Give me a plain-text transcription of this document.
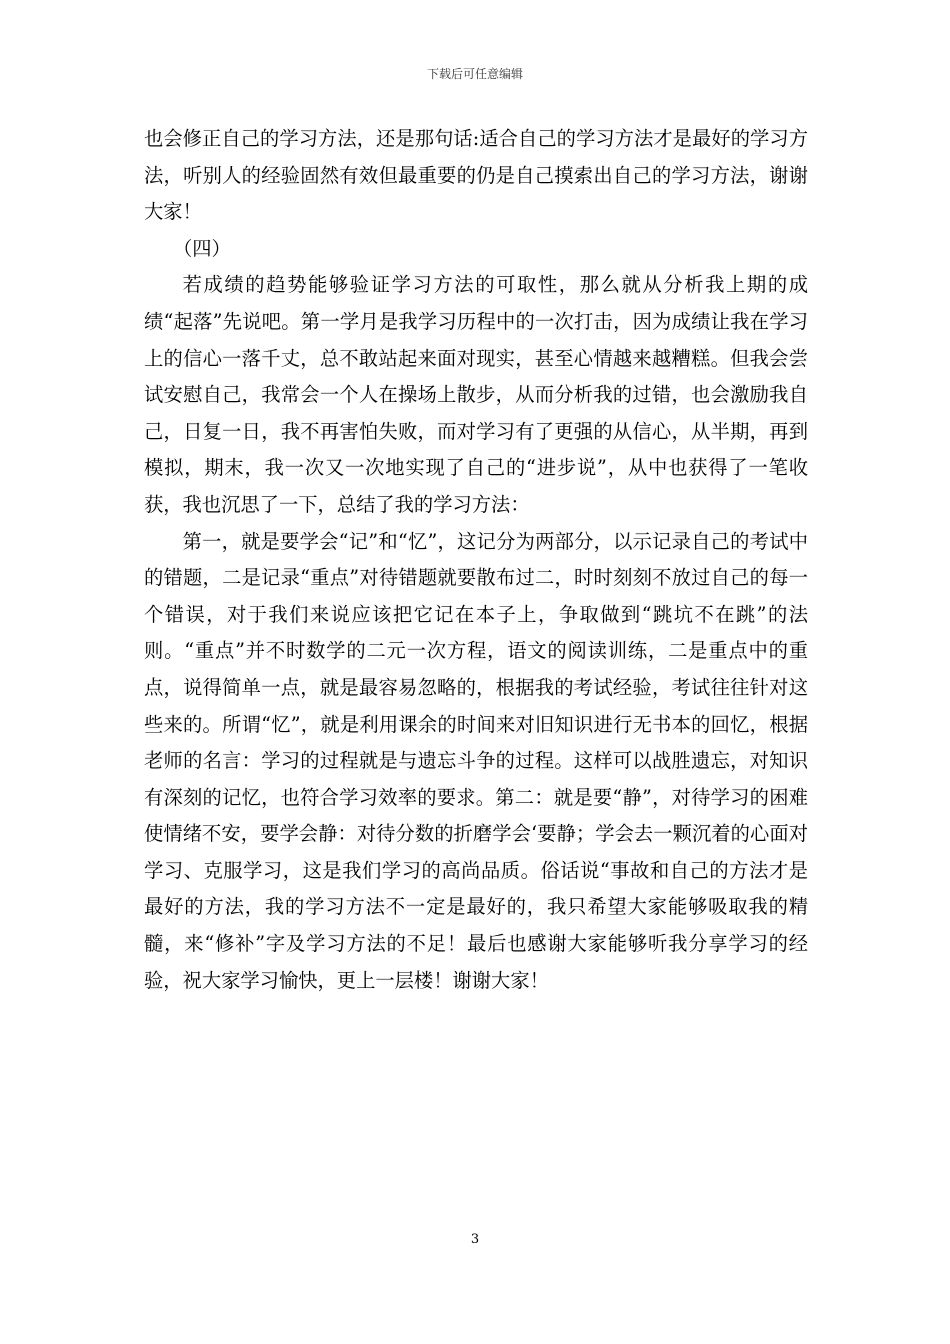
下载后可任意编辑

也会修正自己的学习方法，还是那句话:适合自己的学习方法才是最好的学习方法，听别人的经验固然有效但最重要的仍是自己摸索出自己的学习方法，谢谢大家！

（四）

若成绩的趋势能够验证学习方法的可取性，那么就从分析我上期的成绩“起落”先说吧。第一学月是我学习历程中的一次打击，因为成绩让我在学习上的信心一落千丈，总不敢站起来面对现实，甚至心情越来越糟糕。但我会尝试安慰自己，我常会一个人在操场上散步，从而分析我的过错，也会激励我自己，日复一日，我不再害怕失败，而对学习有了更强的从信心，从半期，再到模拟，期末，我一次又一次地实现了自己的“进步说”，从中也获得了一笔收获，我也沉思了一下，总结了我的学习方法：

第一，就是要学会“记”和“忆”，这记分为两部分，以示记录自己的考试中的错题，二是记录“重点”对待错题就要散布过二，时时刻刻不放过自己的每一个错误，对于我们来说应该把它记在本子上，争取做到“跳坑不在跳”的法则。“重点”并不时数学的二元一次方程，语文的阅读训练，二是重点中的重点，说得简单一点，就是最容易忽略的，根据我的考试经验，考试往往针对这些来的。所谓“忆”，就是利用课余的时间来对旧知识进行无书本的回忆，根据老师的名言：学习的过程就是与遗忘斗争的过程。这样可以战胜遗忘，对知识有深刻的记忆，也符合学习效率的要求。第二：就是要“静”，对待学习的困难使情绪不安，要学会静：对待分数的折磨学会‘要静；学会去一颗沉着的心面对学习、克服学习，这是我们学习的高尚品质。俗话说“事故和自己的方法才是最好的方法，我的学习方法不一定是最好的，我只希望大家能够吸取我的精髓，来“修补”字及学习方法的不足！最后也感谢大家能够听我分享学习的经验，祝大家学习愉快，更上一层楼！谢谢大家！

3
